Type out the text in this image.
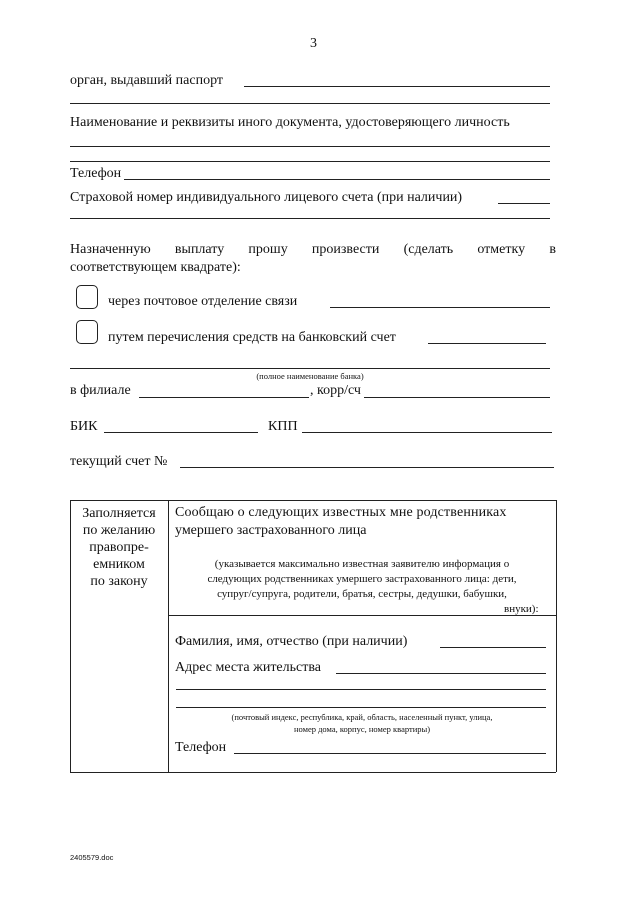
3
орган, выдавший паспорт
Наименование и реквизиты иного документа, удостоверяющего личность
Телефон
Страховой номер индивидуального лицевого счета (при наличии)
Назначенную выплату прошу произвести (сделать отметку в
соответствующем квадрате):
через почтовое отделение связи
путем перечисления средств на банковский счет
(полное наименование банка)
в филиале	, корр/сч
БИК	КПП
текущий счет №
Заполняется
по желанию
правопре-
емником
по закону
Сообщаю о следующих известных мне родственниках
умершего застрахованного лица
(указывается максимально известная заявителю информация о
следующих родственниках умершего застрахованного лица: дети,
супруг/супруга, родители, братья, сестры, дедушки, бабушки,
внуки):
Фамилия, имя, отчество (при наличии)
Адрес места жительства
(почтовый индекс, республика, край, область, населенный пункт, улица,
номер дома, корпус, номер квартиры)
Телефон
2405579.doc
